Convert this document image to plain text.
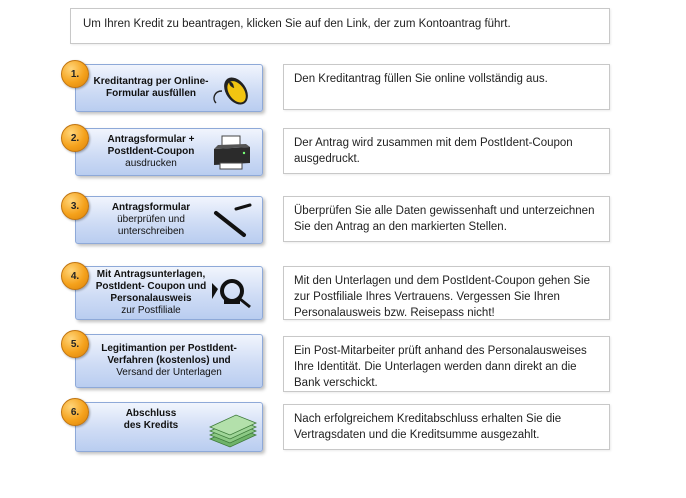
Um Ihren Kredit zu beantragen, klicken Sie auf den Link, der zum Kontoantrag führt.
Kreditantrag per Online-
Formular ausfüllen
1.	Den Kreditantrag füllen Sie online vollständig aus.
Antragsformular +
PostIdent-Coupon
ausdrucken
2.	Der Antrag wird zusammen mit dem PostIdent-Coupon ausgedruckt.
Antragsformular
überprüfen und
unterschreiben
3.	Überprüfen Sie alle Daten gewissenhaft und unterzeichnen Sie den Antrag an den markierten Stellen.
Mit Antragsunterlagen,
PostIdent- Coupon und
Personalausweis
zur Postfiliale
4.	Mit den Unterlagen und dem PostIdent-Coupon gehen Sie zur Postfiliale Ihres Vertrauens. Vergessen Sie Ihren Personalausweis bzw. Reisepass nicht!
Legitimantion per PostIdent-
Verfahren (kostenlos) und
Versand der Unterlagen
5.
Ein Post-Mitarbeiter prüft anhand des Personalausweises Ihre Identität. Die Unterlagen werden dann direkt an die Bank verschickt.
Abschluss
des Kredits
6.
Nach erfolgreichem Kreditabschluss erhalten Sie die Vertragsdaten und die Kreditsumme ausgezahlt.
